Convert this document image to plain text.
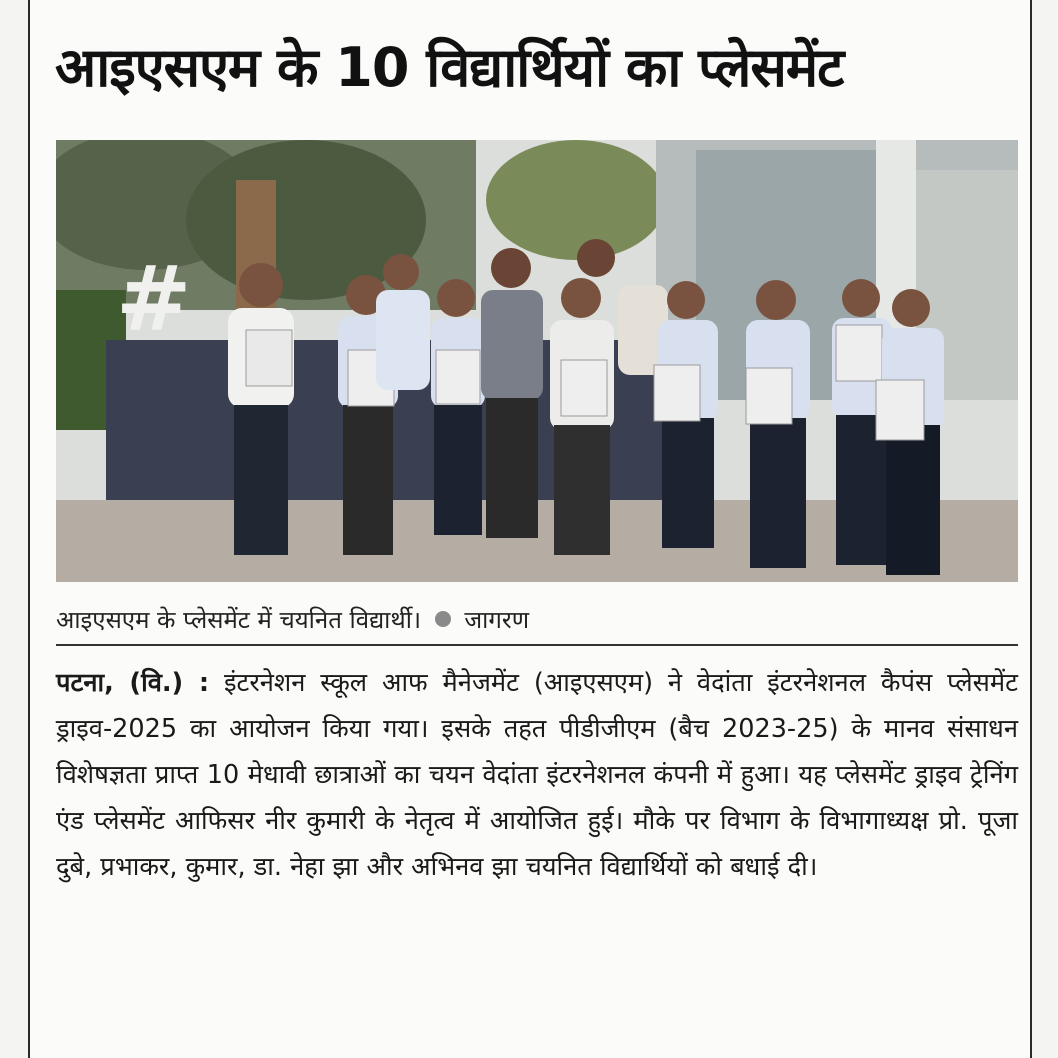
आइएसएम के 10 विद्यार्थियों का प्लेसमेंट
#
आइएसएम के प्लेसमेंट में चयनित विद्यार्थी। जागरण
पटना, (वि.) : इंटरनेशन स्कूल आफ मैनेजमेंट (आइएसएम) ने वेदांता इंटरनेशनल कैपंस प्लेसमेंट ड्राइव-2025 का आयोजन किया गया। इसके तहत पीडीजीएम (बैच 2023-25) के मानव संसाधन विशेषज्ञता प्राप्त 10 मेधावी छात्राओं का चयन वेदांता इंटरनेशनल कंपनी में हुआ। यह प्लेसमेंट ड्राइव ट्रेनिंग एंड प्लेसमेंट आफिसर नीर कुमारी के नेतृत्व में आयोजित हुई। मौके पर विभाग के विभागाध्यक्ष प्रो. पूजा दुबे, प्रभाकर, कुमार, डा. नेहा झा और अभिनव झा चयनित विद्यार्थियों को बधाई दी।
